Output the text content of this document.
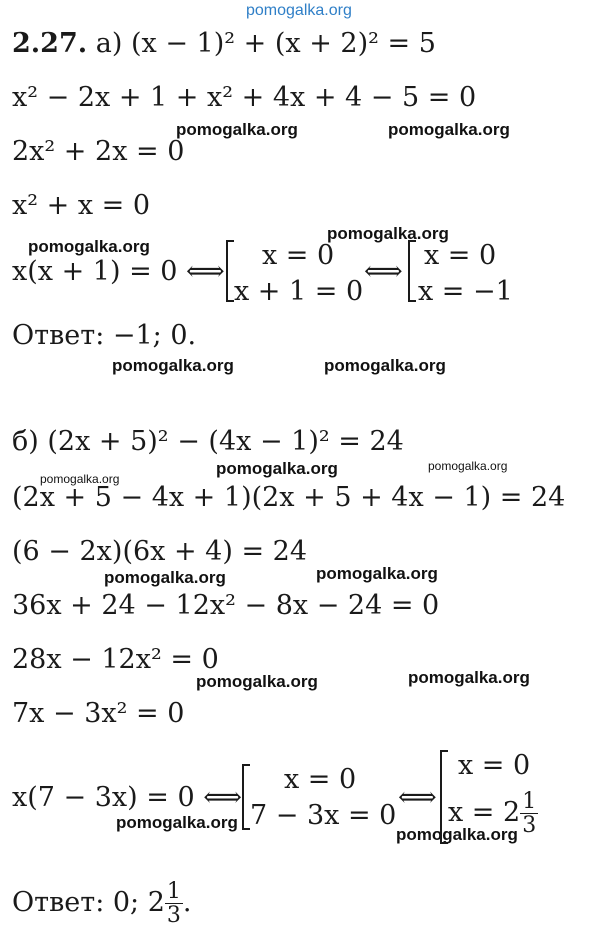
pomogalka.org
pomogalka.org	pomogalka.org
pomogalka.org
pomogalka.org
pomogalka.org	pomogalka.org
pomogalka.org	pomogalka.org
pomogalka.org
pomogalka.org	pomogalka.org
pomogalka.org	pomogalka.org
pomogalka.org
pomogalka.org
2.27. а) (x − 1)² + (x + 2)² = 5
x² − 2x + 1 + x² + 4x + 4 − 5 = 0
2x² + 2x = 0
x² + x = 0
x(x + 1) = 0 ⟺
x = 0
x + 1 = 0
⟺
x = 0
x = −1
Ответ: −1; 0.
б) (2x + 5)² − (4x − 1)² = 24
(2x + 5 − 4x + 1)(2x + 5 + 4x − 1) = 24
(6 − 2x)(6x + 4) = 24
36x + 24 − 12x² − 8x − 24 = 0
28x − 12x² = 0
7x − 3x² = 0
x(7 − 3x) = 0 ⟺
x = 0
7 − 3x = 0
⟺
x = 0
$x = 2 \frac{1}{3}$
Ответ: 0; $2 \frac{1}{3}$ .
